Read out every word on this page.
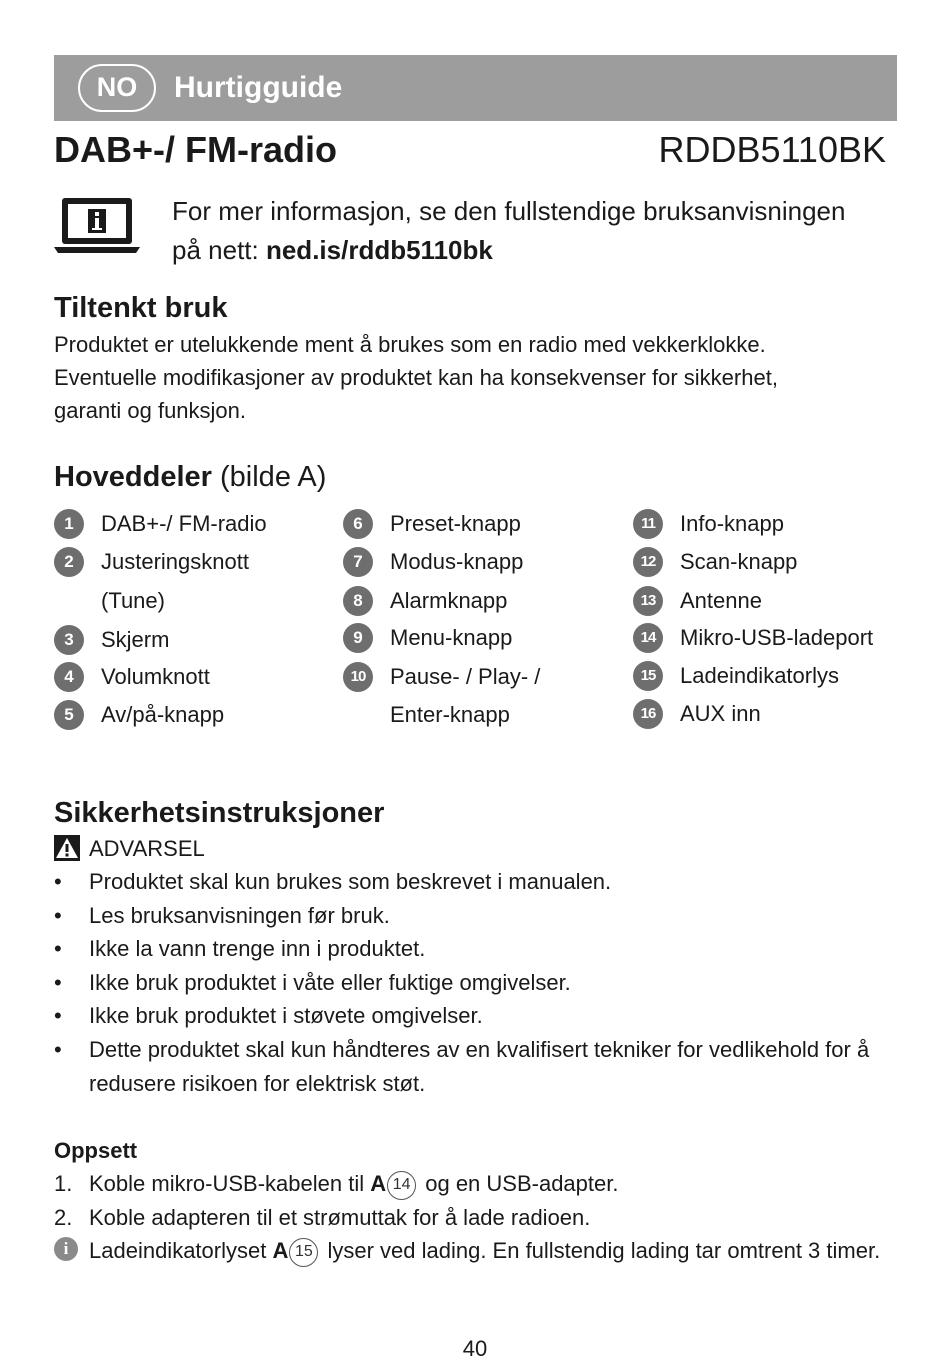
NO	Hurtigguide
DAB+-/ FM-radio	RDDB5110BK
For mer informasjon, se den fullstendige bruksanvisningen
på nett: ned.is/rddb5110bk
Tiltenkt bruk
Produktet er utelukkende ment å brukes som en radio med vekkerklokke.
Eventuelle modifikasjoner av produktet kan ha konsekvenser for sikkerhet,
garanti og funksjon.
Hoveddeler (bilde A)
1	DAB+-/ FM-radio
2	Justeringsknott
(Tune)
3	Skjerm
4	Volumknott
5	Av/på-knapp
6	Preset-knapp
7	Modus-knapp
8	Alarmknapp
9	Menu-knapp
10	Pause- / Play- /
Enter-knapp
11	Info-knapp
12	Scan-knapp
13	Antenne
14	Mikro-USB-ladeport
15	Ladeindikatorlys
16	AUX inn
Sikkerhetsinstruksjoner
ADVARSEL
• Produktet skal kun brukes som beskrevet i manualen.
• Les bruksanvisningen før bruk.
• Ikke la vann trenge inn i produktet.
• Ikke bruk produktet i våte eller fuktige omgivelser.
• Ikke bruk produktet i støvete omgivelser.
• Dette produktet skal kun håndteres av en kvalifisert tekniker for vedlikehold for å redusere risikoen for elektrisk støt.
Oppsett
1. Koble mikro-USB-kabelen til A 14 og en USB-adapter.
2. Koble adapteren til et strømuttak for å lade radioen.
i Ladeindikatorlyset A 15 lyser ved lading. En fullstendig lading tar omtrent 3 timer.
40
